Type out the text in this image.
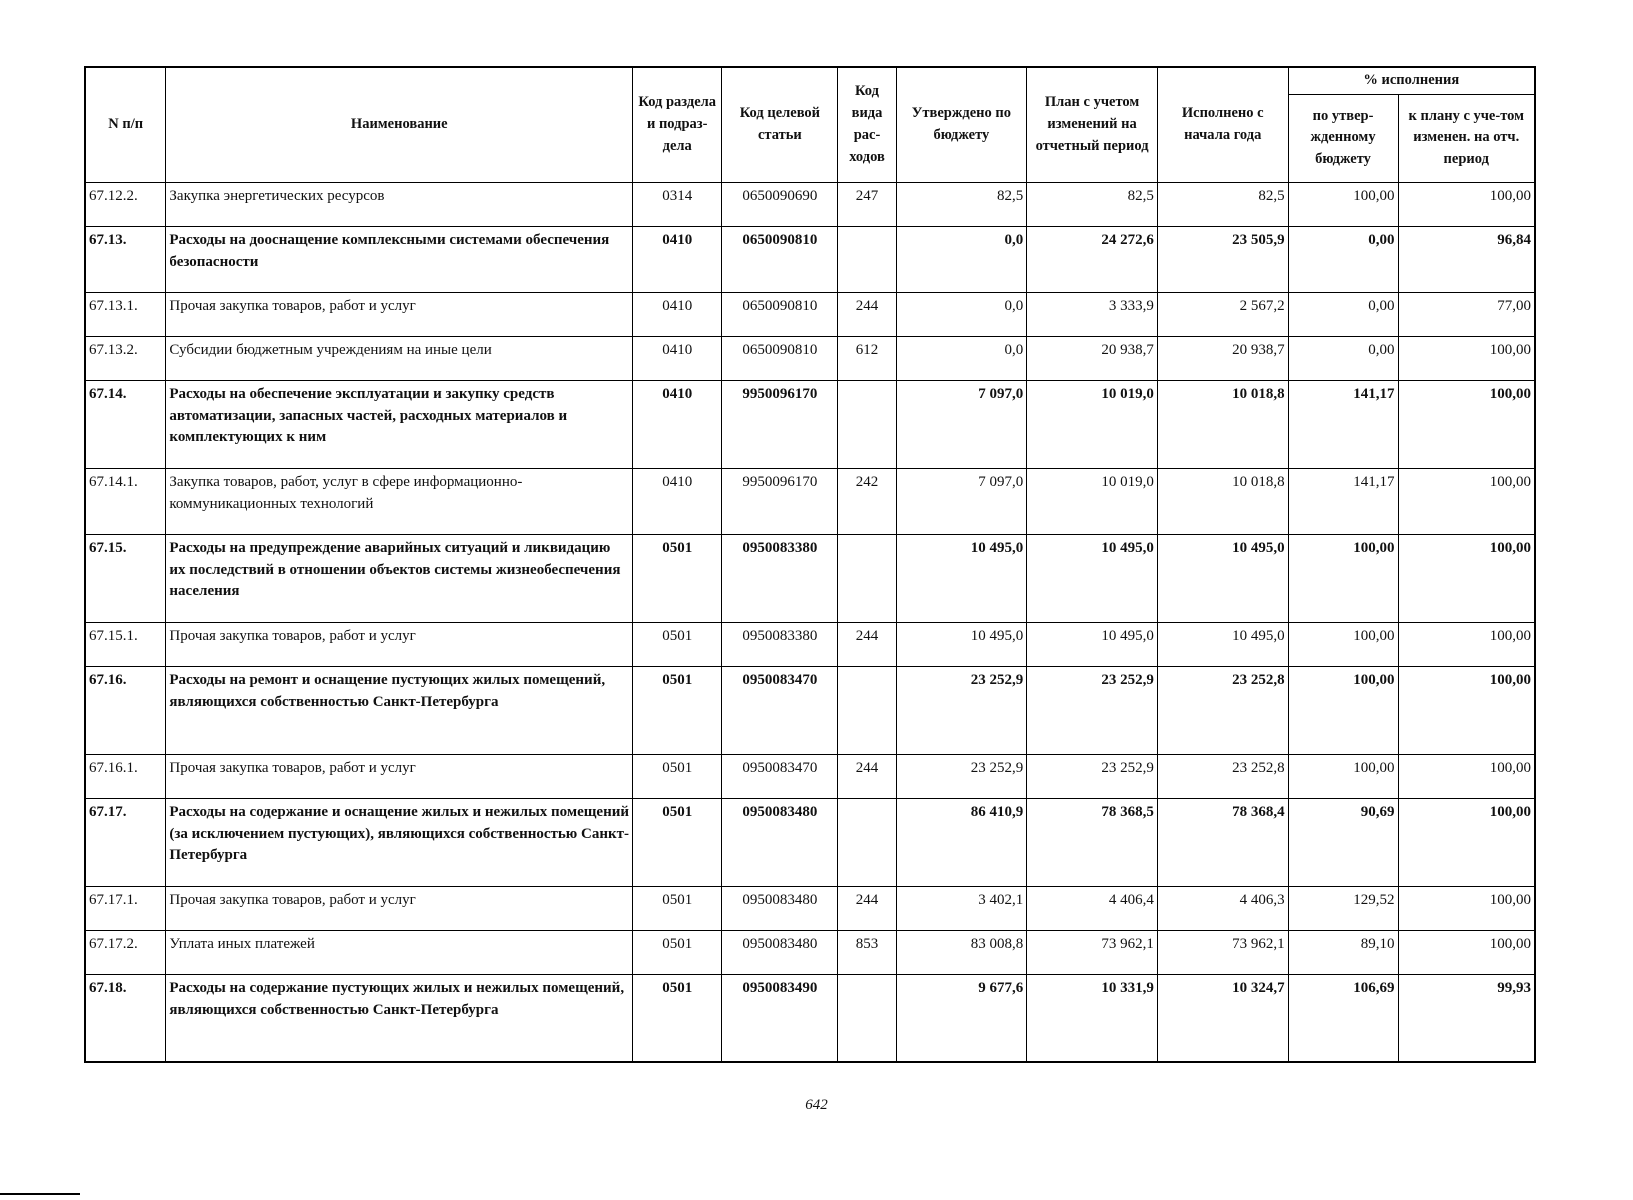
N п/п	Наименование	Код раздела и подраз-дела	Код целевой статьи	Код вида рас-ходов	Утверждено по бюджету	План с учетом изменений на отчетный период	Исполнено с начала года	% исполнения	
								по утвер-жденному бюджету	к плану с уче-том изменен. на отч. период
67.12.2.	Закупка энергетических ресурсов	0314	0650090690	247	82,5	82,5	82,5	100,00	100,00
67.13.	Расходы на дооснащение комплексными системами обеспечения безопасности	0410	0650090810		0,0	24 272,6	23 505,9	0,00	96,84
67.13.1.	Прочая закупка товаров, работ и услуг	0410	0650090810	244	0,0	3 333,9	2 567,2	0,00	77,00
67.13.2.	Субсидии бюджетным учреждениям на иные цели	0410	0650090810	612	0,0	20 938,7	20 938,7	0,00	100,00
67.14.	Расходы на обеспечение эксплуатации и закупку средств автоматизации, запасных частей, расходных материалов и комплектующих к ним	0410	9950096170		7 097,0	10 019,0	10 018,8	141,17	100,00
67.14.1.	Закупка товаров, работ, услуг в сфере информационно-коммуникационных технологий	0410	9950096170	242	7 097,0	10 019,0	10 018,8	141,17	100,00
67.15.	Расходы на предупреждение аварийных ситуаций и ликвидацию их последствий в отношении объектов системы жизнеобеспечения населения	0501	0950083380		10 495,0	10 495,0	10 495,0	100,00	100,00
67.15.1.	Прочая закупка товаров, работ и услуг	0501	0950083380	244	10 495,0	10 495,0	10 495,0	100,00	100,00
67.16.	Расходы на ремонт и оснащение пустующих жилых помещений, являющихся собственностью Санкт-Петербурга	0501	0950083470		23 252,9	23 252,9	23 252,8	100,00	100,00
67.16.1.	Прочая закупка товаров, работ и услуг	0501	0950083470	244	23 252,9	23 252,9	23 252,8	100,00	100,00
67.17.	Расходы на содержание и оснащение жилых и нежилых помещений (за исключением пустующих), являющихся собственностью Санкт-Петербурга	0501	0950083480		86 410,9	78 368,5	78 368,4	90,69	100,00
67.17.1.	Прочая закупка товаров, работ и услуг	0501	0950083480	244	3 402,1	4 406,4	4 406,3	129,52	100,00
67.17.2.	Уплата иных платежей	0501	0950083480	853	83 008,8	73 962,1	73 962,1	89,10	100,00
67.18.	Расходы на содержание пустующих жилых и нежилых помещений, являющихся собственностью Санкт-Петербурга	0501	0950083490		9 677,6	10 331,9	10 324,7	106,69	99,93
642
